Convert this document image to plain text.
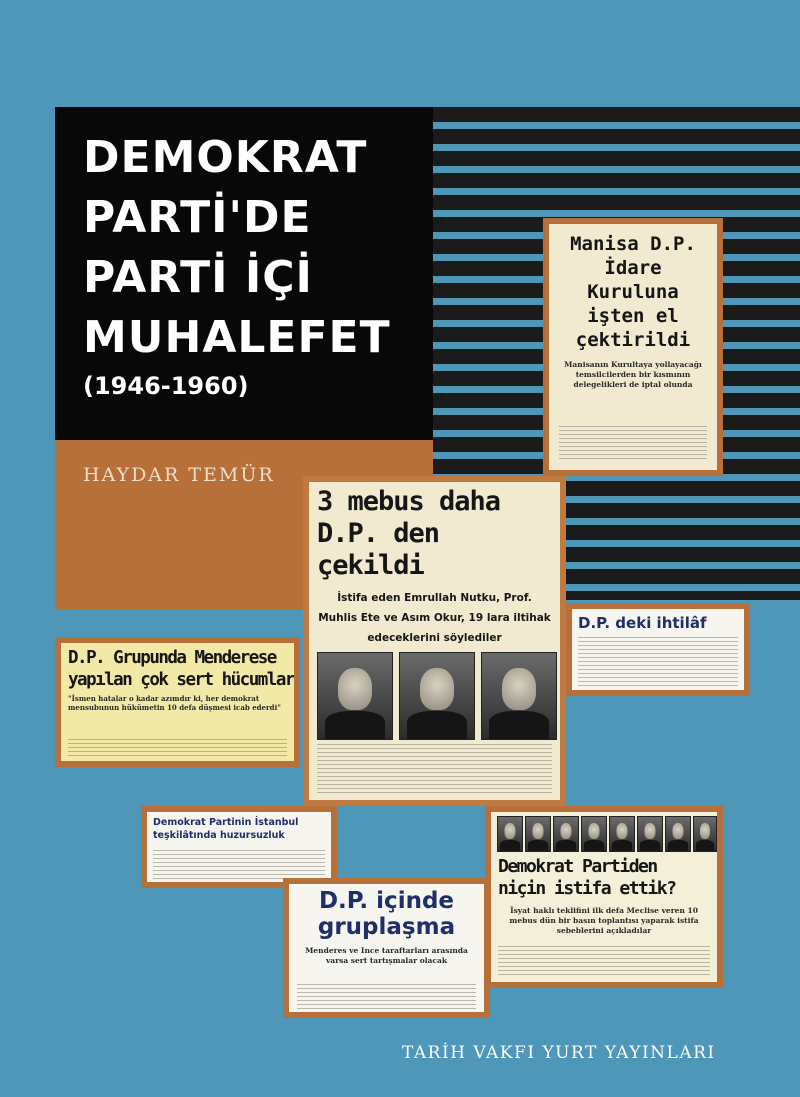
DEMOKRAT
PARTİ'DE
PARTİ İÇİ
MUHALEFET
(1946-1960)
HAYDAR TEMÜR
Manisa D.P.
İdare Kuruluna
işten el
çektirildi
Manisanın Kurultaya yollayacağı temsilcilerden bir kısmının delegelikleri de iptal olunda
3 mebus daha
D.P. den çekildi
İstifa eden Emrullah Nutku, Prof. Muhlis Ete ve Asım Okur, 19 lara iltihak edeceklerini söylediler
D.P. Grupunda Menderese
yapılan çok sert hücumlar
"İsmen hatalar o kadar azımdır ki, her demokrat mensubunun hükümetin 10 defa düşmesi icab ederdi"
D.P. deki ihtilâf
Demokrat Partinin İstanbul
teşkilâtında huzursuzluk
D.P. içinde
gruplaşma
Menderes ve Ince taraftarları arasında varsa sert tartışmalar olacak
Demokrat Partiden
niçin istifa ettik?
İsyat haklı teklifini ilk defa Meclise veren 10 mebus dün bir basın toplantısı yaparak istifa sebeblerini açıkladılar
TARİH VAKFI YURT YAYINLARI
